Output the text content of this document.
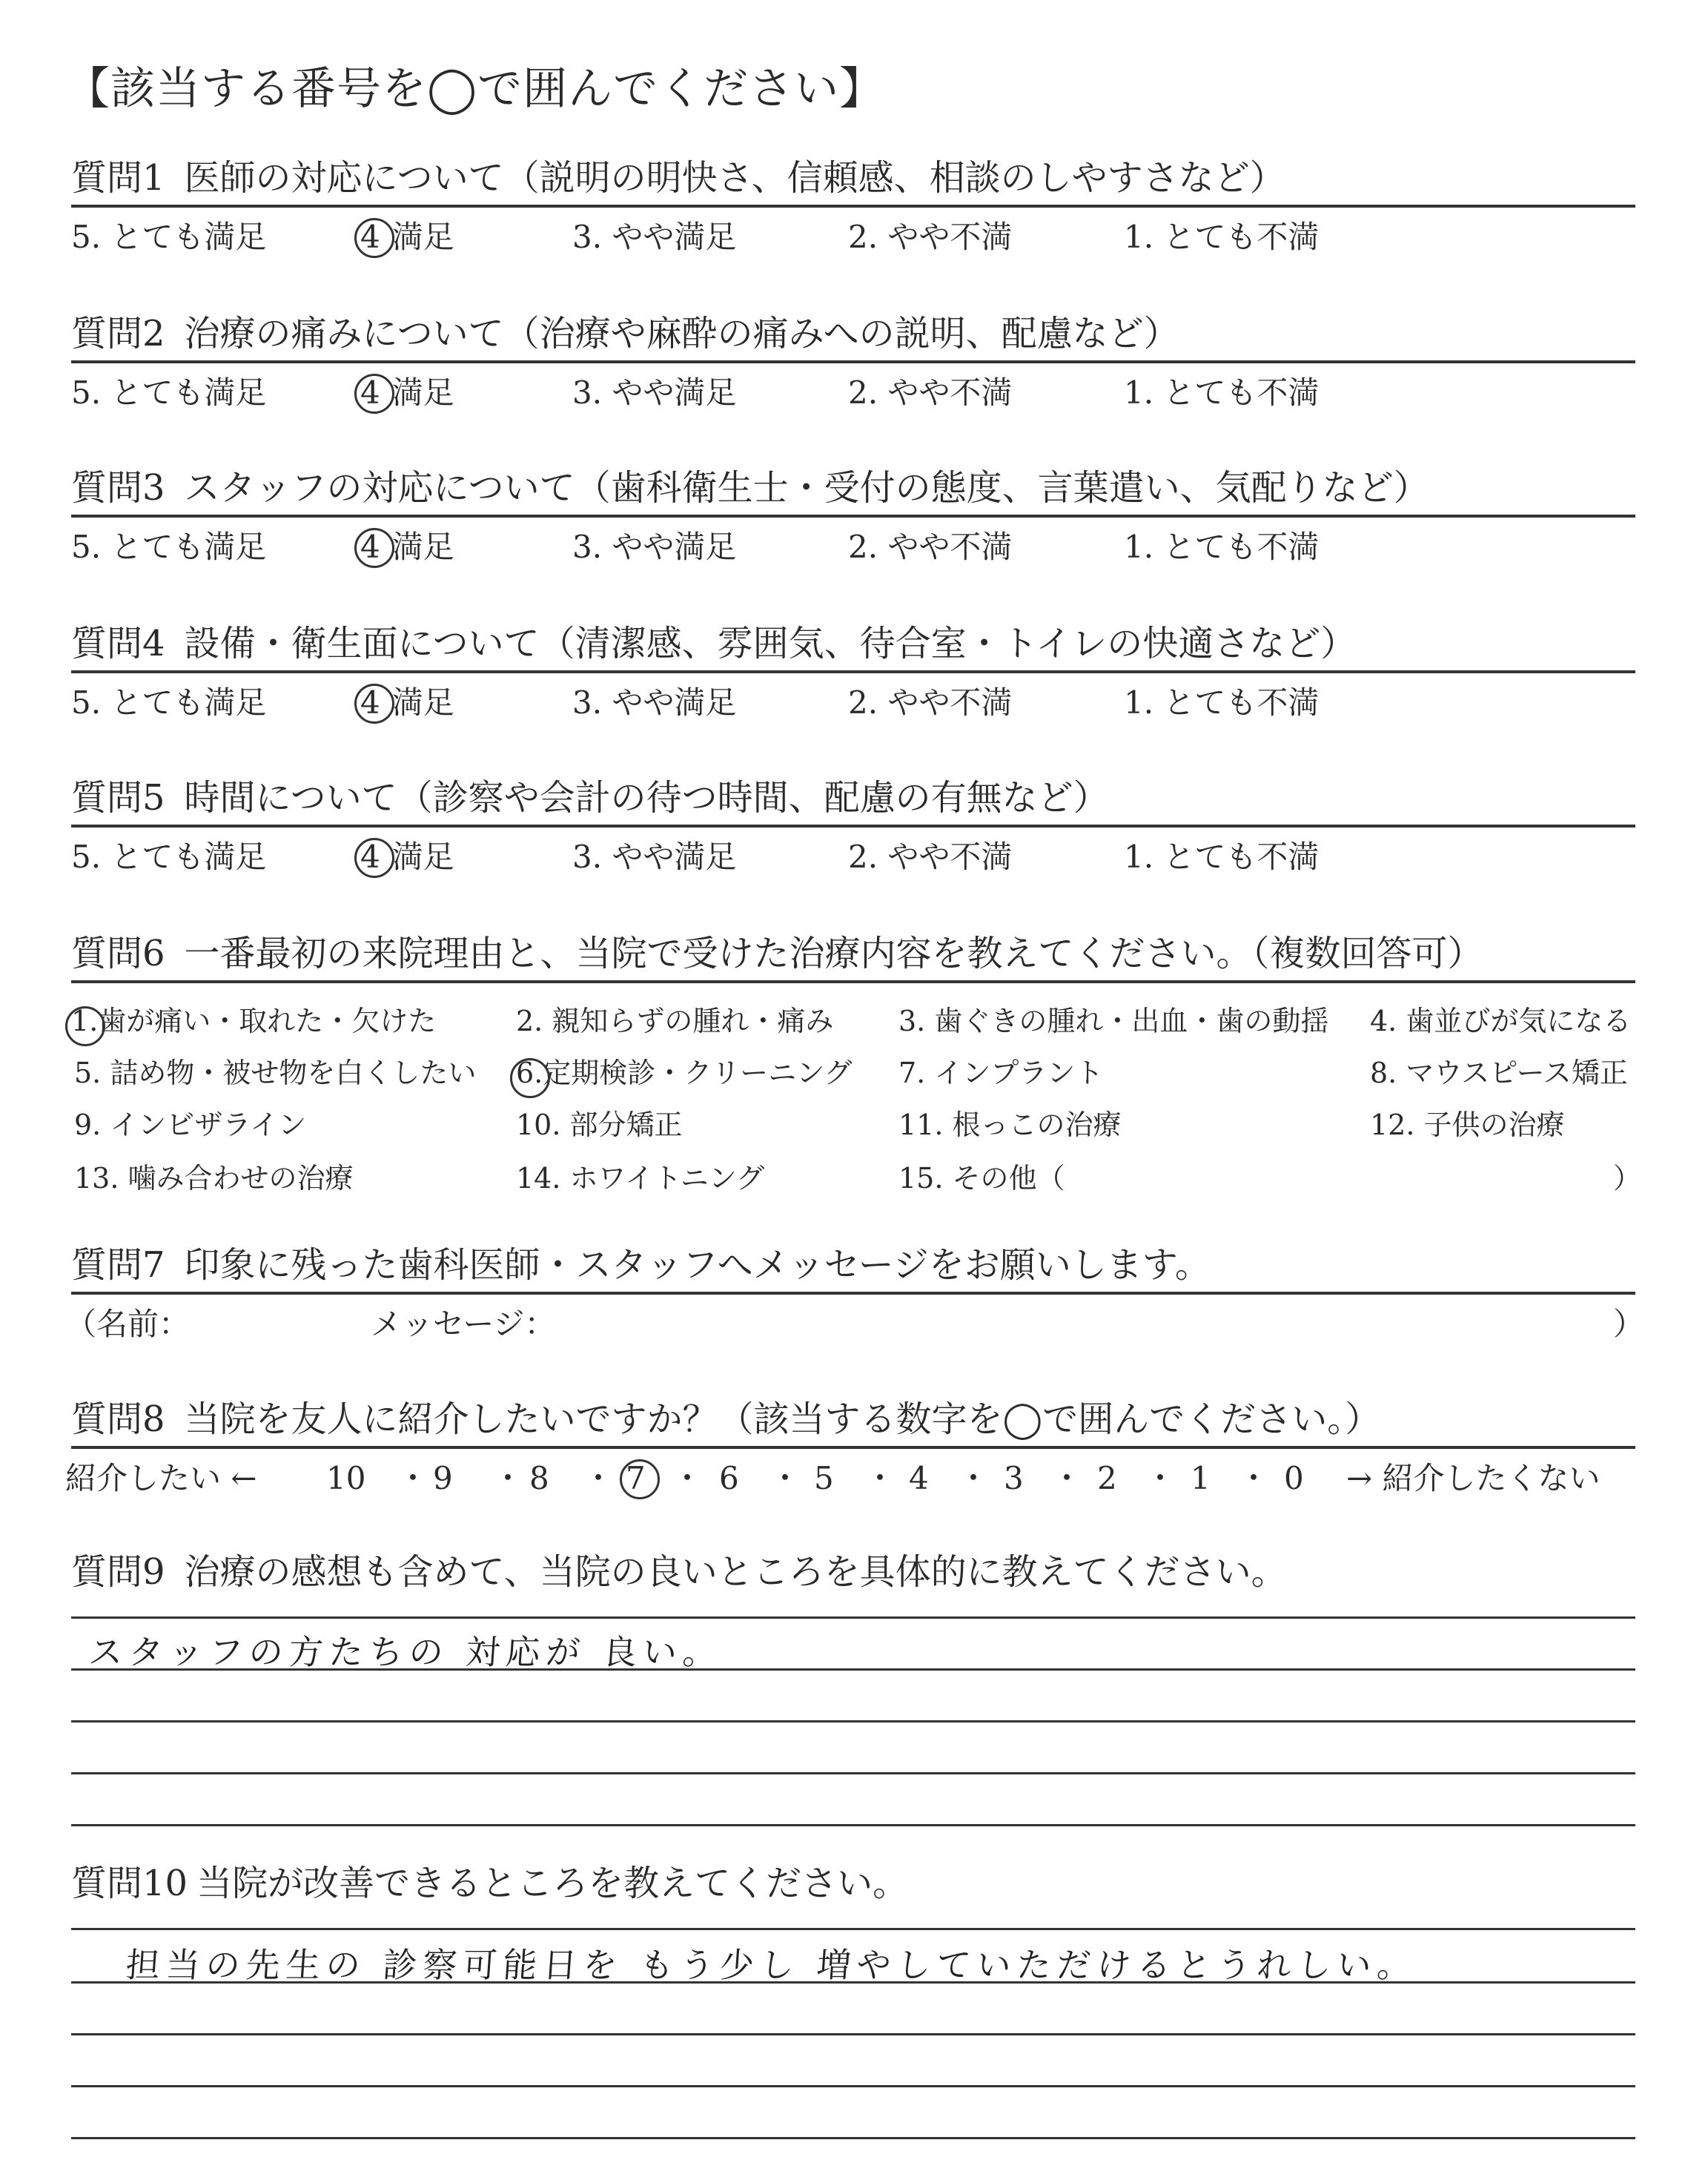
【該当する番号を◯で囲んでください】
質問1 医師の対応について（説明の明快さ、信頼感、相談のしやすさなど）
5. とても満足	4 満足	3. やや満足	2. やや不満	1. とても不満
質問2 治療の痛みについて（治療や麻酔の痛みへの説明、配慮など）
5. とても満足	4 満足	3. やや満足	2. やや不満	1. とても不満
質問3 スタッフの対応について（歯科衛生士・受付の態度、言葉遣い、気配りなど）
5. とても満足	4 満足	3. やや満足	2. やや不満	1. とても不満
質問4 設備・衛生面について（清潔感、雰囲気、待合室・トイレの快適さなど）
5. とても満足	4 満足	3. やや満足	2. やや不満	1. とても不満
質問5 時間について（診察や会計の待つ時間、配慮の有無など）
5. とても満足	4 満足	3. やや満足	2. やや不満	1. とても不満
質問6 一番最初の来院理由と、当院で受けた治療内容を教えてください。（複数回答可）
1.歯が痛い・取れた・欠けた	2. 親知らずの腫れ・痛み 3. 歯ぐきの腫れ・出血・歯の動揺 4. 歯並びが気になる
5. 詰め物・被せ物を白くしたい 6.定期検診・クリーニング 7. インプラント	8. マウスピース矯正
9. インビザライン	10. 部分矯正	11. 根っこの治療	12. 子供の治療
13. 噛み合わせの治療	14. ホワイトニング	15. その他（	）
質問7 印象に残った歯科医師・スタッフへメッセージをお願いします。
（名前：	メッセージ：	）
質問8 当院を友人に紹介したいですか？（該当する数字を◯で囲んでください。）
紹介したい ← 10 ・ 9 ・ 8 ・ 7 ・ 6 ・ 5 ・ 4 ・ 3 ・ 2 ・ 1 ・ 0 → 紹介したくない
質問9 治療の感想も含めて、当院の良いところを具体的に教えてください。
スタッフの方たちの 対応が 良い。
質問10 当院が改善できるところを教えてください。
担当の先生の 診察可能日を もう少し 増やしていただけるとうれしい。
